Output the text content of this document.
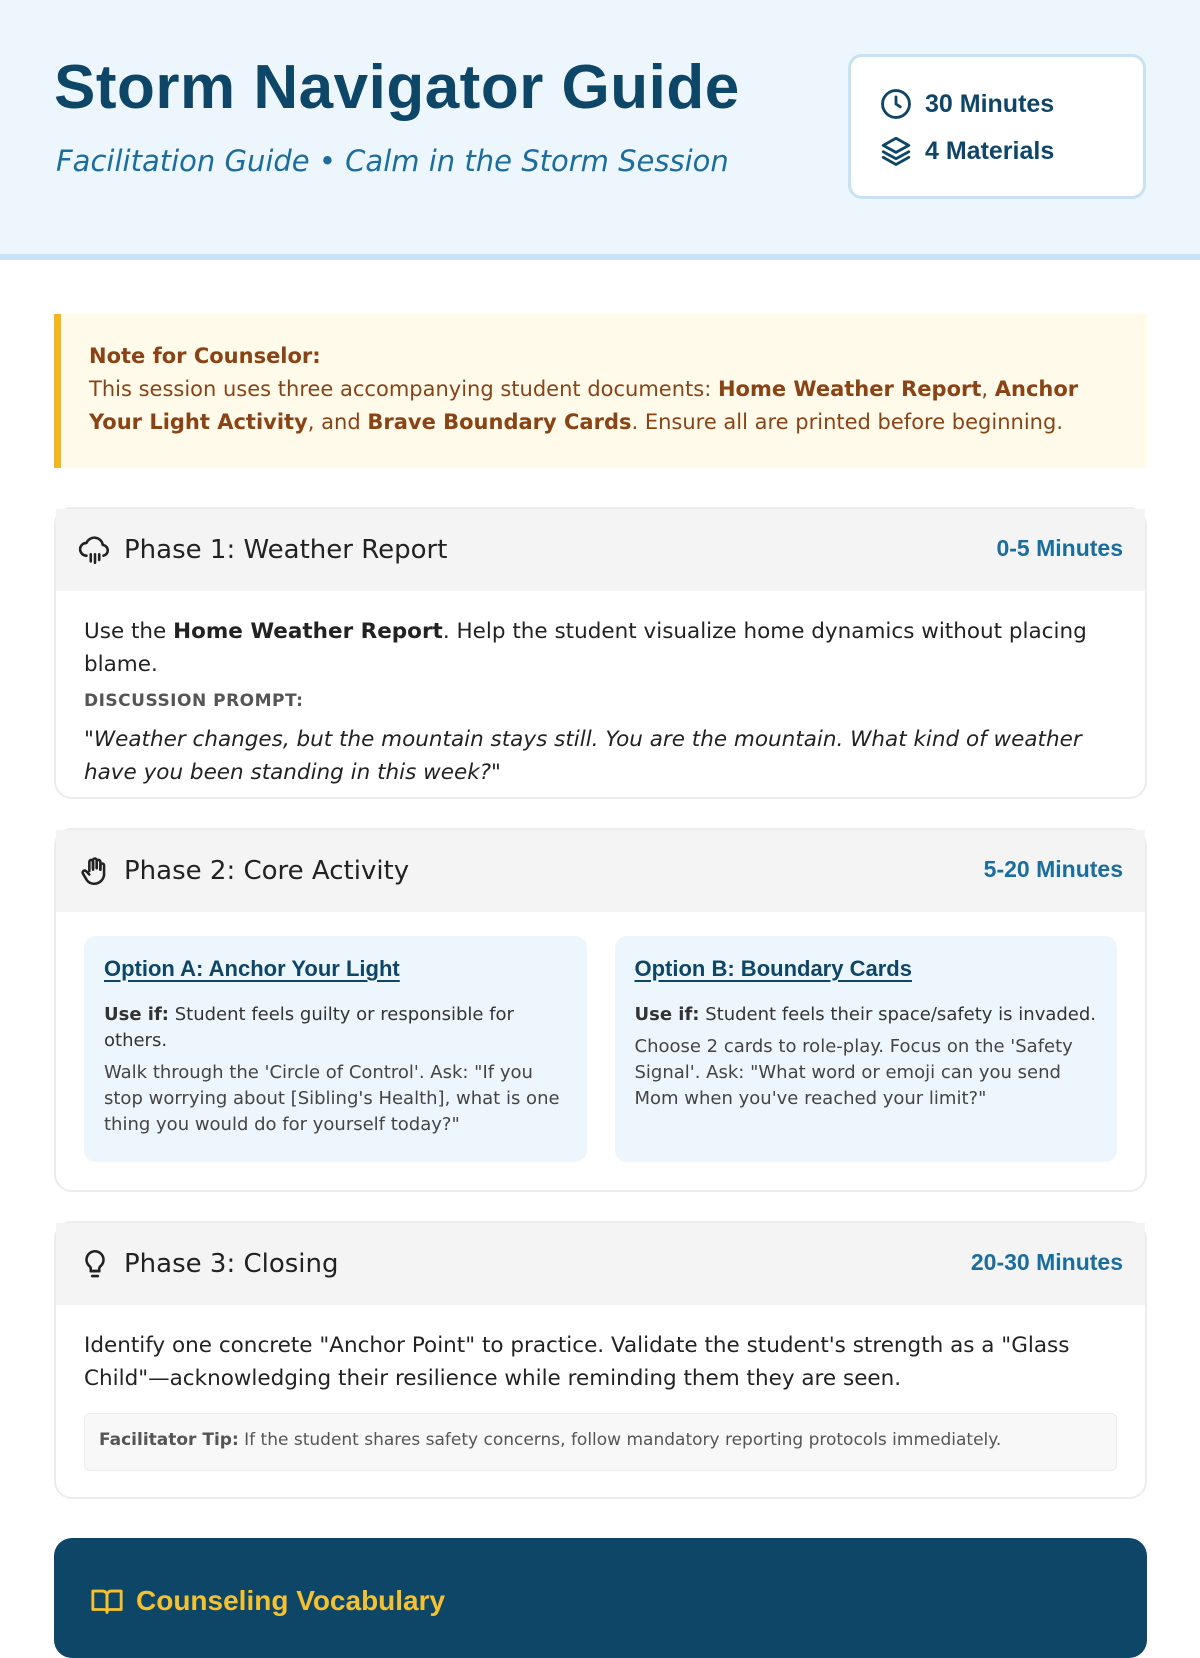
Storm Navigator Guide
Facilitation Guide • Calm in the Storm Session
30 Minutes
4 Materials
Note for Counselor:
This session uses three accompanying student documents: Home Weather Report, Anchor Your Light Activity, and Brave Boundary Cards. Ensure all are printed before beginning.
Phase 1: Weather Report	0-5 Minutes
Use the Home Weather Report. Help the student visualize home dynamics without placing blame.
DISCUSSION PROMPT:
"Weather changes, but the mountain stays still. You are the mountain. What kind of weather have you been standing in this week?"
Phase 2: Core Activity	5-20 Minutes
Option A: Anchor Your Light
Use if: Student feels guilty or responsible for others.
Walk through the 'Circle of Control'. Ask: "If you stop worrying about [Sibling's Health], what is one thing you would do for yourself today?"
Option B: Boundary Cards
Use if: Student feels their space/safety is invaded.
Choose 2 cards to role-play. Focus on the 'Safety Signal'. Ask: "What word or emoji can you send Mom when you've reached your limit?"
Phase 3: Closing	20-30 Minutes
Identify one concrete "Anchor Point" to practice. Validate the student's strength as a "Glass Child"—acknowledging their resilience while reminding them they are seen.
Facilitator Tip: If the student shares safety concerns, follow mandatory reporting protocols immediately.
Counseling Vocabulary
